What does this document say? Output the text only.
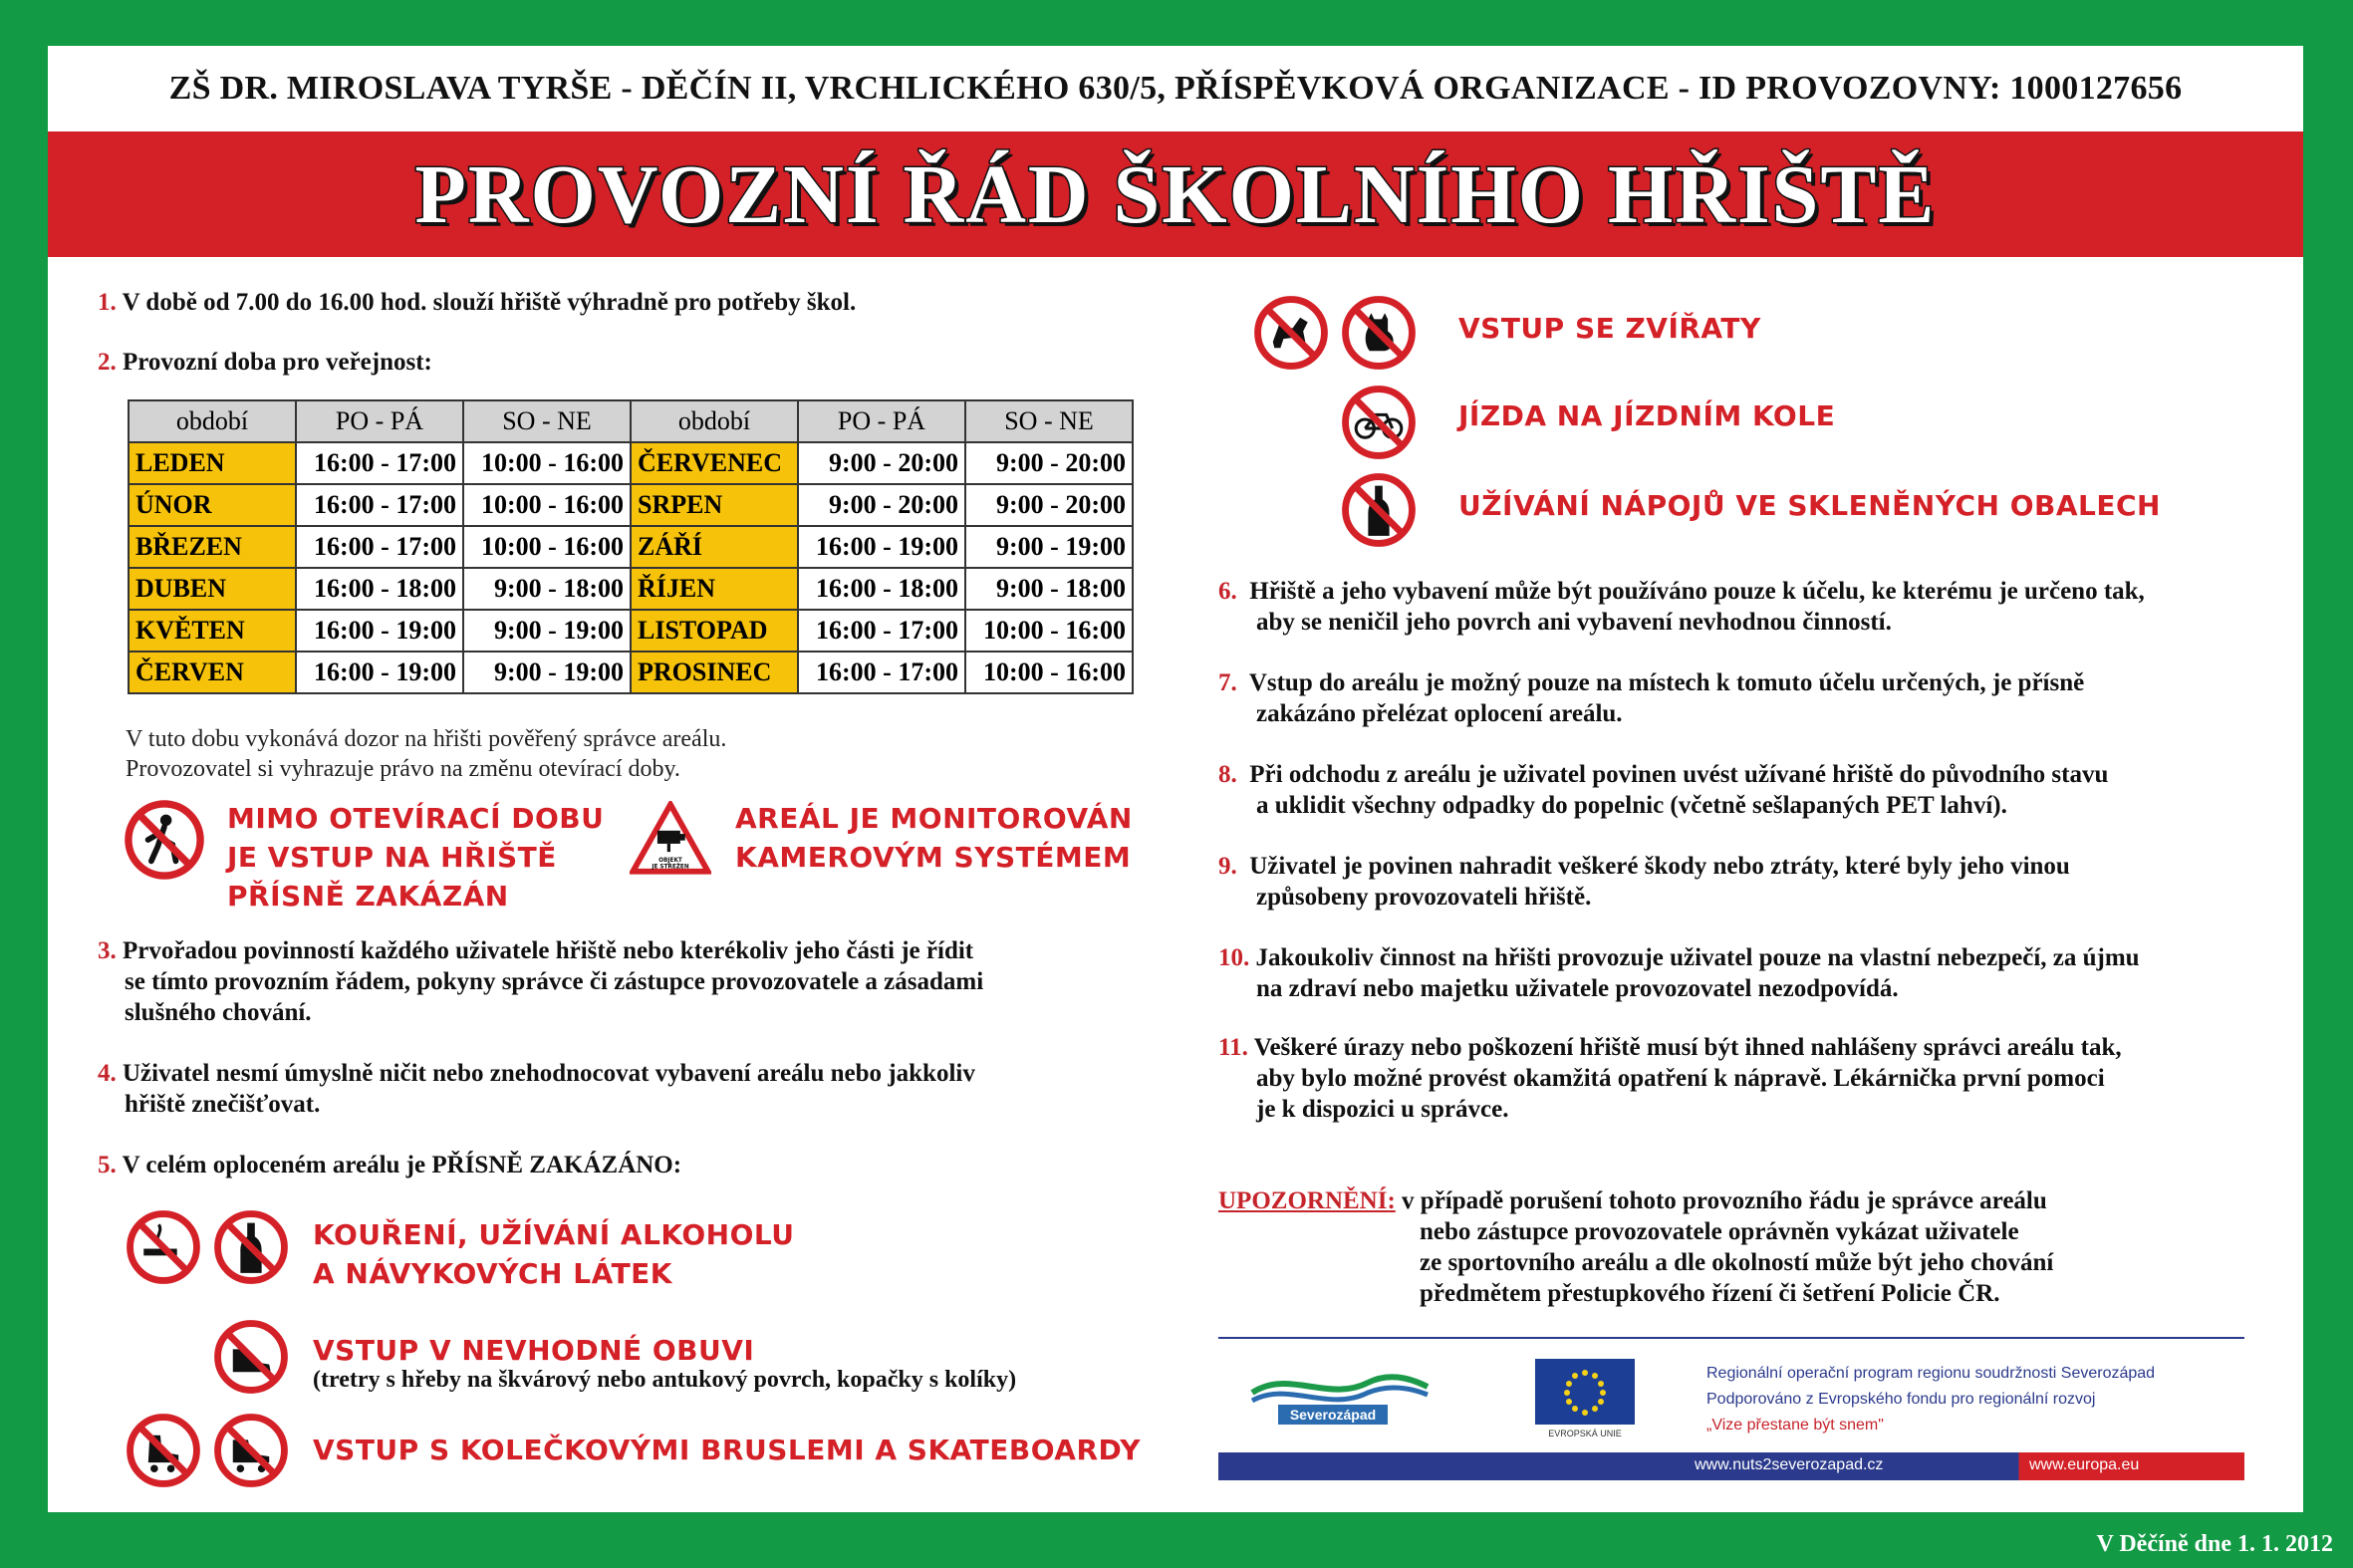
ZŠ DR. MIROSLAVA TYRŠE - DĚČÍN II, VRCHLICKÉHO 630/5, PŘÍSPĚVKOVÁ ORGANIZACE - ID PROVOZOVNY: 1000127656
PROVOZNÍ ŘÁD ŠKOLNÍHO HŘIŠTĚ
1. V době od 7.00 do 16.00 hod. slouží hřiště výhradně pro potřeby škol.
2. Provozní doba pro veřejnost:
období	PO - PÁ	SO - NE	období	PO - PÁ	SO - NE
LEDEN	16:00 - 17:00	10:00 - 16:00	ČERVENEC	9:00 - 20:00	9:00 - 20:00
ÚNOR	16:00 - 17:00	10:00 - 16:00	SRPEN	9:00 - 20:00	9:00 - 20:00
BŘEZEN	16:00 - 17:00	10:00 - 16:00	ZÁŘÍ	16:00 - 19:00	9:00 - 19:00
DUBEN	16:00 - 18:00	9:00 - 18:00	ŘÍJEN	16:00 - 18:00	9:00 - 18:00
KVĚTEN	16:00 - 19:00	9:00 - 19:00	LISTOPAD	16:00 - 17:00	10:00 - 16:00
ČERVEN	16:00 - 19:00	9:00 - 19:00	PROSINEC	16:00 - 17:00	10:00 - 16:00
V tuto dobu vykonává dozor na hřišti pověřený správce areálu.
Provozovatel si vyhrazuje právo na změnu otevírací doby.
MIMO OTEVÍRACÍ DOBU
JE VSTUP NA HŘIŠTĚ
PŘÍSNĚ ZAKÁZÁN
OBJEKT
JE STŘEŽEN
AREÁL JE MONITOROVÁN
KAMEROVÝM SYSTÉMEM
3. Prvořadou povinností každého uživatele hřiště nebo kterékoliv jeho části je řídit
se tímto provozním řádem, pokyny správce či zástupce provozovatele a zásadami
slušného chování.
4. Uživatel nesmí úmyslně ničit nebo znehodnocovat vybavení areálu nebo jakkoliv
hřiště znečišťovat.
5. V celém oploceném areálu je PŘÍSNĚ ZAKÁZÁNO:
KOUŘENÍ, UŽÍVÁNÍ ALKOHOLU
A NÁVYKOVÝCH LÁTEK
VSTUP V NEVHODNÉ OBUVI
(tretry s hřeby na škvárový nebo antukový povrch, kopačky s kolíky)
VSTUP S KOLEČKOVÝMI BRUSLEMI A SKATEBOARDY
VSTUP SE ZVÍŘATY
JÍZDA NA JÍZDNÍM KOLE
UŽÍVÁNÍ NÁPOJŮ VE SKLENĚNÝCH OBALECH
6. Hřiště a jeho vybavení může být používáno pouze k účelu, ke kterému je určeno tak,
aby se neničil jeho povrch ani vybavení nevhodnou činností.
7. Vstup do areálu je možný pouze na místech k tomuto účelu určených, je přísně
zakázáno přelézat oplocení areálu.
8. Při odchodu z areálu je uživatel povinen uvést užívané hřiště do původního stavu
a uklidit všechny odpadky do popelnic (včetně sešlapaných PET lahví).
9. Uživatel je povinen nahradit veškeré škody nebo ztráty, které byly jeho vinou
způsobeny provozovateli hřiště.
10. Jakoukoliv činnost na hřišti provozuje uživatel pouze na vlastní nebezpečí, za újmu
na zdraví nebo majetku uživatele provozovatel nezodpovídá.
11. Veškeré úrazy nebo poškození hřiště musí být ihned nahlášeny správci areálu tak,
aby bylo možné provést okamžitá opatření k nápravě. Lékárnička první pomoci
je k dispozici u správce.
UPOZORNĚNÍ: v případě porušení tohoto provozního řádu je správce areálu
nebo zástupce provozovatele oprávněn vykázat uživatele
ze sportovního areálu a dle okolností může být jeho chování
předmětem přestupkového řízení či šetření Policie ČR.
Severozápad
EVROPSKÁ UNIE
Regionální operační program regionu soudržnosti Severozápad
Podporováno z Evropského fondu pro regionální rozvoj
„Vize přestane být snem"
www.nuts2severozapad.cz	www.europa.eu
V Děčíně dne 1. 1. 2012
